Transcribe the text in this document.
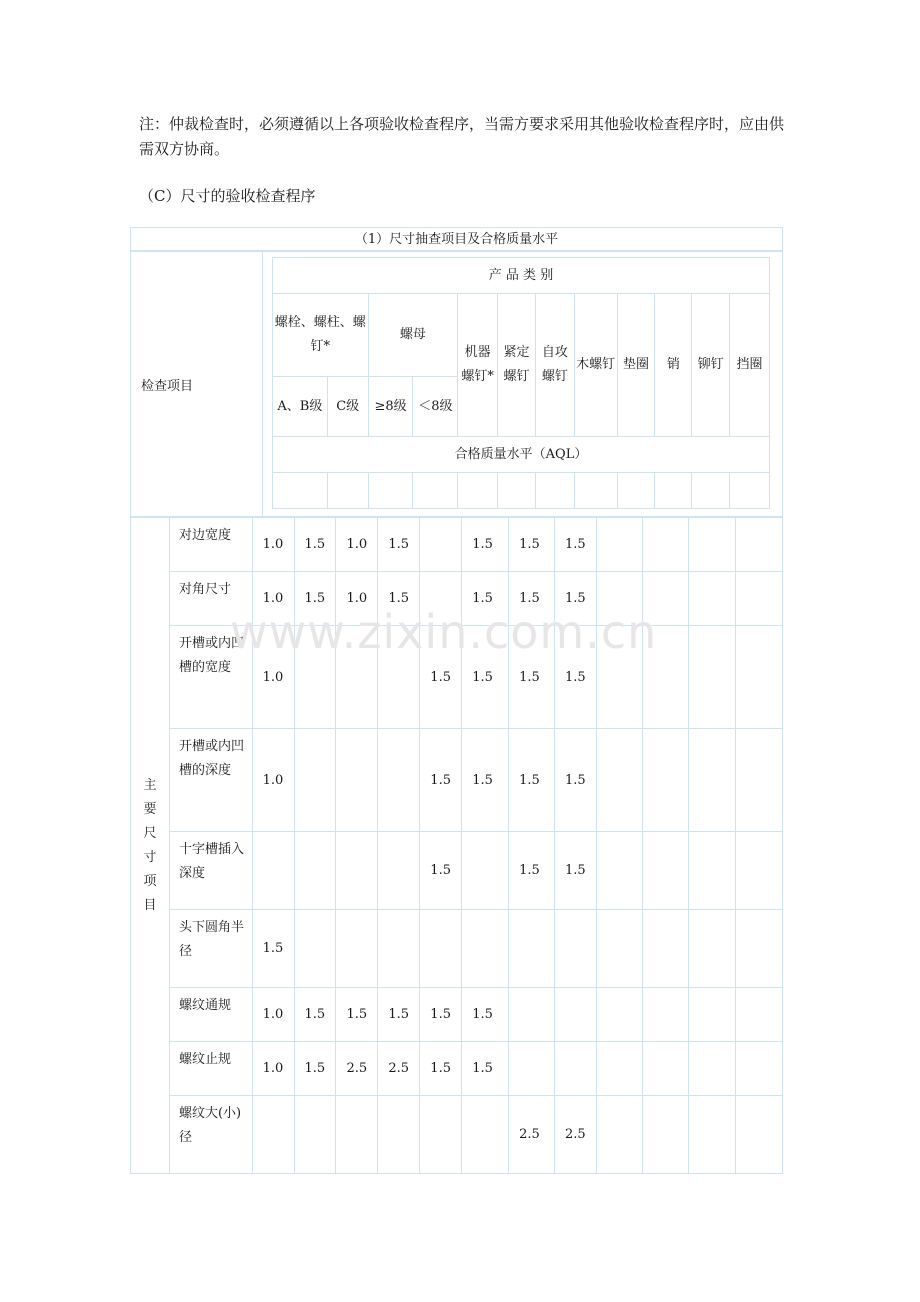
注：仲裁检查时，必须遵循以上各项验收检查程序，当需方要求采用其他验收检查程序时，应由供需双方协商。
（C）尺寸的验收检查程序
（1）尺寸抽查项目及合格质量水平
检查项目	
产 品 类 别
螺栓、螺柱、螺钉*	螺母	机器螺钉*	紧定螺钉	自攻螺钉	木螺钉	垫圈	销	铆钉	挡圈
A、B级	C级	≥8级	＜8级
合格质量水平（AQL）

主要尺寸项目	对边宽度	1.0	1.5	1.0	1.5		1.5	1.5	1.5				
	对角尺寸	1.0	1.5	1.0	1.5		1.5	1.5	1.5				
	开槽或内凹槽的宽度	1.0				1.5	1.5	1.5	1.5				
	开槽或内凹槽的深度	1.0				1.5	1.5	1.5	1.5				
	十字槽插入深度					1.5		1.5	1.5				
	头下圆角半径	1.5											
	螺纹通规	1.0	1.5	1.5	1.5	1.5	1.5						
	螺纹止规	1.0	1.5	2.5	2.5	1.5	1.5						
	螺纹大(小)径							2.5	2.5				
www.zixin.com.cn
